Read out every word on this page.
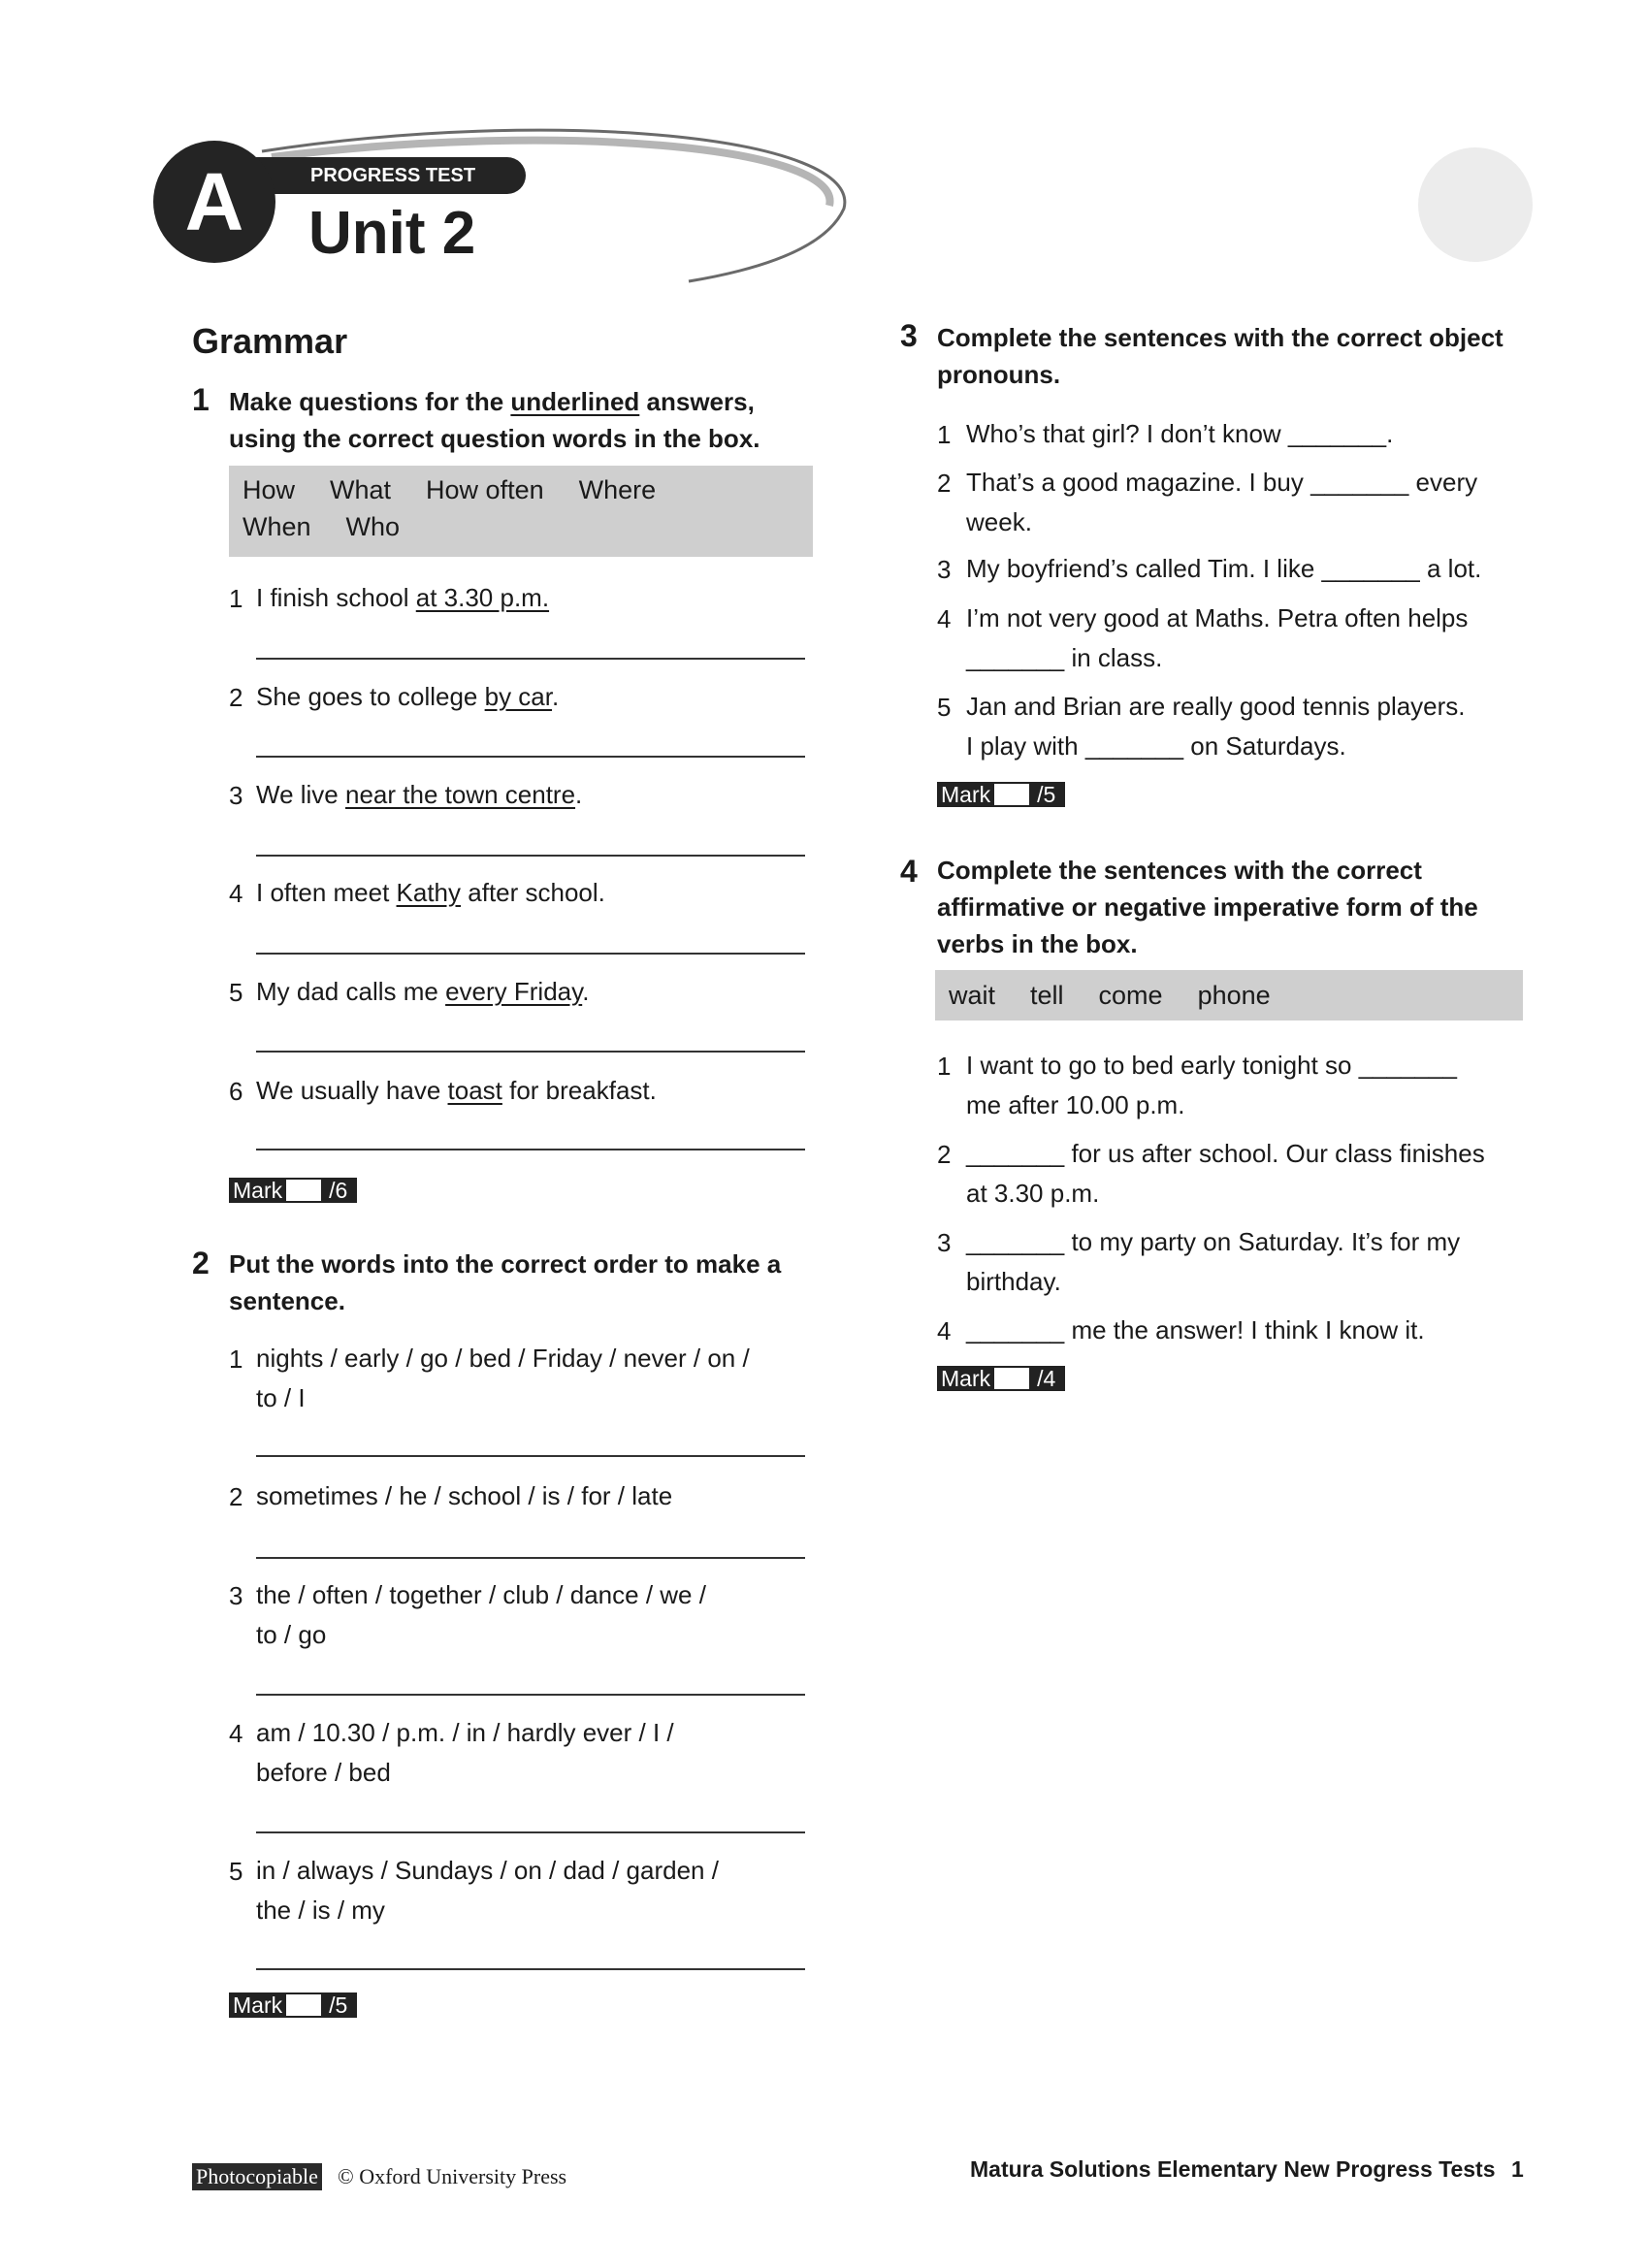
PROGRESS TEST
A	Unit 2
Grammar
1 Make questions for the underlined answers, using the correct question words in the box.
How What How often Where
When Who
1 I finish school at 3.30 p.m.
2 She goes to college by car.
3 We live near the town centre.
4 I often meet Kathy after school.
5 My dad calls me every Friday.
6 We usually have toast for breakfast.
Mark	/6
2 Put the words into the correct order to make a sentence.
1 nights / early / go / bed / Friday / never / on /
to / I
2 sometimes / he / school / is / for / late
3 the / often / together / club / dance / we /
to / go
4 am / 10.30 / p.m. / in / hardly ever / I /
before / bed
5 in / always / Sundays / on / dad / garden /
the / is / my
Mark	/5
3 Complete the sentences with the correct object pronouns.
1 Who’s that girl? I don’t know _______.
2 That’s a good magazine. I buy _______ every
week.
3 My boyfriend’s called Tim. I like _______ a lot.
4 I’m not very good at Maths. Petra often helps
_______ in class.
5 Jan and Brian are really good tennis players.
I play with _______ on Saturdays.
Mark	/5
4 Complete the sentences with the correct affirmative or negative imperative form of the verbs in the box.
wait tell come phone
1 I want to go to bed early tonight so _______
me after 10.00 p.m.
2 _______ for us after school. Our class finishes
at 3.30 p.m.
3 _______ to my party on Saturday. It’s for my
birthday.
4 _______ me the answer! I think I know it.
Mark	/4
Photocopiable © Oxford University Press	Matura Solutions Elementary New Progress Tests 1
